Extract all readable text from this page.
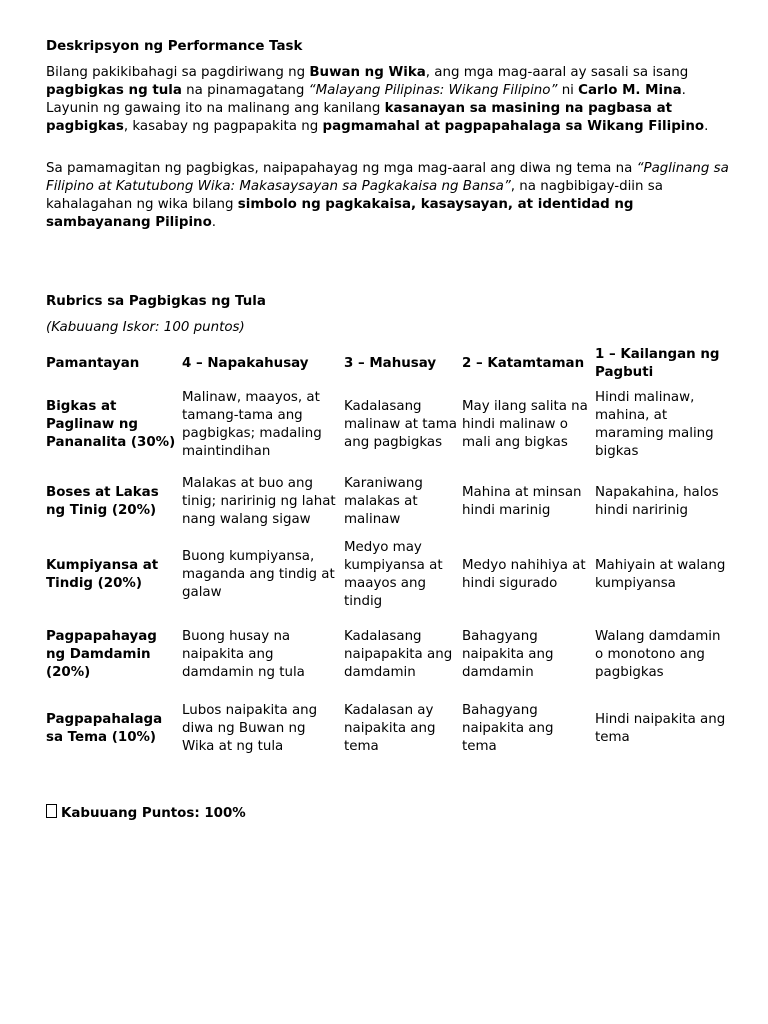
Deskripsyon ng Performance Task

Bilang pakikibahagi sa pagdiriwang ng Buwan ng Wika, ang mga mag-aaral ay sasali sa isang pagbigkas ng tula na pinamagatang “Malayang Pilipinas: Wikang Filipino” ni Carlo M. Mina. Layunin ng gawaing ito na malinang ang kanilang kasanayan sa masining na pagbasa at pagbigkas, kasabay ng pagpapakita ng pagmamahal at pagpapahalaga sa Wikang Filipino.

Sa pamamagitan ng pagbigkas, naipapahayag ng mga mag-aaral ang diwa ng tema na “Paglinang sa Filipino at Katutubong Wika: Makasaysayan sa Pagkakaisa ng Bansa”, na nagbibigay-diin sa kahalagahan ng wika bilang simbolo ng pagkakaisa, kasaysayan, at identidad ng sambayanang Pilipino.

Rubrics sa Pagbigkas ng Tula

(Kabuuang Iskor: 100 puntos)

Pamantayan	4 – Napakahusay	3 – Mahusay	2 – Katamtaman	1 – Kailangan ng Pagbuti
Bigkas at Paglinaw ng Pananalita (30%)	Malinaw, maayos, at tamang-tama ang pagbigkas; madaling maintindihan	Kadalasang malinaw at tama ang pagbigkas	May ilang salita na hindi malinaw o mali ang bigkas	Hindi malinaw, mahina, at maraming maling bigkas
Boses at Lakas ng Tinig (20%)	Malakas at buo ang tinig; naririnig ng lahat nang walang sigaw	Karaniwang malakas at malinaw	Mahina at minsan hindi marinig	Napakahina, halos hindi naririnig
Kumpiyansa at Tindig (20%)	Buong kumpiyansa, maganda ang tindig at galaw	Medyo may kumpiyansa at maayos ang tindig	Medyo nahihiya at hindi sigurado	Mahiyain at walang kumpiyansa
Pagpapahayag ng Damdamin (20%)	Buong husay na naipakita ang damdamin ng tula	Kadalasang naipapakita ang damdamin	Bahagyang naipakita ang damdamin	Walang damdamin o monotono ang pagbigkas
Pagpapahalaga sa Tema (10%)	Lubos naipakita ang diwa ng Buwan ng Wika at ng tula	Kadalasan ay naipakita ang tema	Bahagyang naipakita ang tema	Hindi naipakita ang tema

Kabuuang Puntos: 100%
